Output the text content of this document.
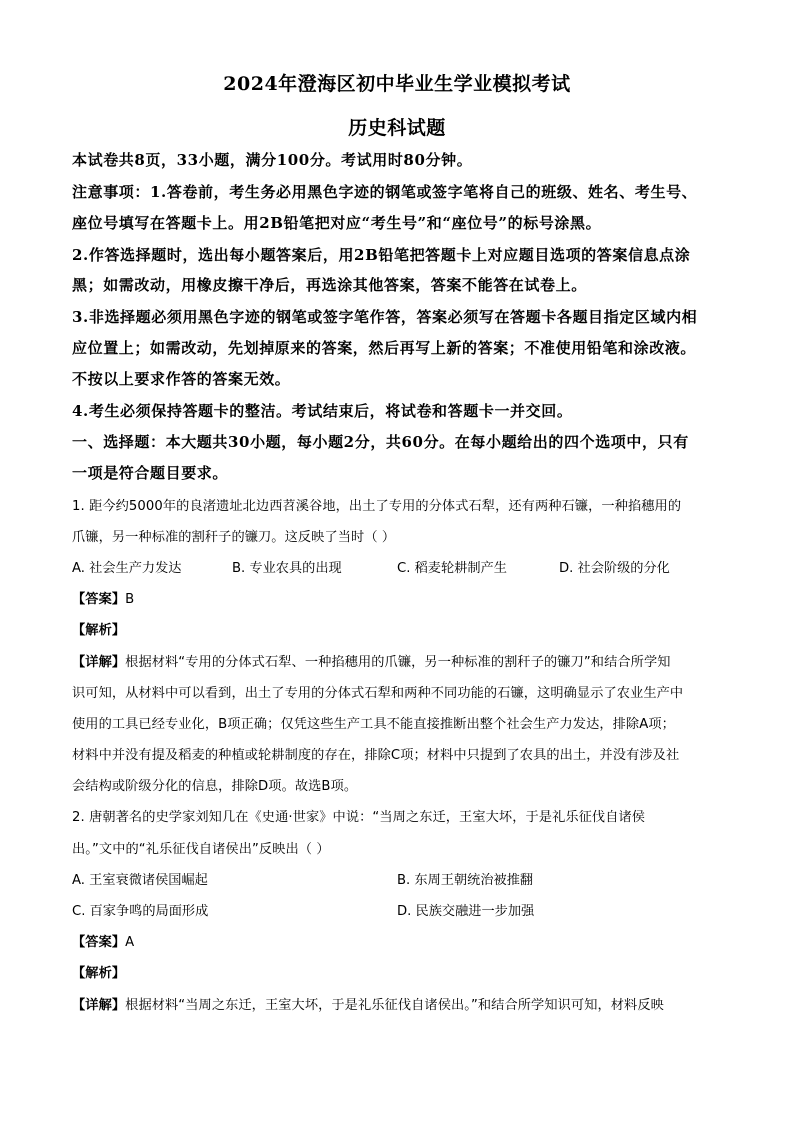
2024年澄海区初中毕业生学业模拟考试
历史科试题
本试卷共8页，33小题，满分100分。考试用时80分钟。
注意事项：1.答卷前，考生务必用黑色字迹的钢笔或签字笔将自己的班级、姓名、考生号、
座位号填写在答题卡上。用2B铅笔把对应“考生号”和“座位号”的标号涂黑。
2.作答选择题时，选出每小题答案后，用2B铅笔把答题卡上对应题目选项的答案信息点涂
黑；如需改动，用橡皮擦干净后，再选涂其他答案，答案不能答在试卷上。
3.非选择题必须用黑色字迹的钢笔或签字笔作答，答案必须写在答题卡各题目指定区域内相
应位置上；如需改动，先划掉原来的答案，然后再写上新的答案；不准使用铅笔和涂改液。
不按以上要求作答的答案无效。
4.考生必须保持答题卡的整洁。考试结束后，将试卷和答题卡一并交回。
一、选择题：本大题共30小题，每小题2分，共60分。在每小题给出的四个选项中，只有
一项是符合题目要求。
1. 距今约5000年的良渚遗址北边西苕溪谷地，出土了专用的分体式石犁，还有两种石镰，一种掐穗用的
爪镰，另一种标准的割秆子的镰刀。这反映了当时（ ）
A. 社会生产力发达	B. 专业农具的出现	C. 稻麦轮耕制产生	D. 社会阶级的分化
【答案】B
【解析】
【详解】根据材料“专用的分体式石犁、一种掐穗用的爪镰，另一种标准的割秆子的镰刀”和结合所学知
识可知，从材料中可以看到，出土了专用的分体式石犁和两种不同功能的石镰，这明确显示了农业生产中
使用的工具已经专业化，B项正确；仅凭这些生产工具不能直接推断出整个社会生产力发达，排除A项；
材料中并没有提及稻麦的种植或轮耕制度的存在，排除C项；材料中只提到了农具的出土，并没有涉及社
会结构或阶级分化的信息，排除D项。故选B项。
2. 唐朝著名的史学家刘知几在《史通·世家》中说：“当周之东迁，王室大坏，于是礼乐征伐自诸侯
出。”文中的“礼乐征伐自诸侯出”反映出（ ）
A. 王室衰微诸侯国崛起	B. 东周王朝统治被推翻
C. 百家争鸣的局面形成	D. 民族交融进一步加强
【答案】A
【解析】
【详解】根据材料“当周之东迁，王室大坏，于是礼乐征伐自诸侯出。”和结合所学知识可知，材料反映
